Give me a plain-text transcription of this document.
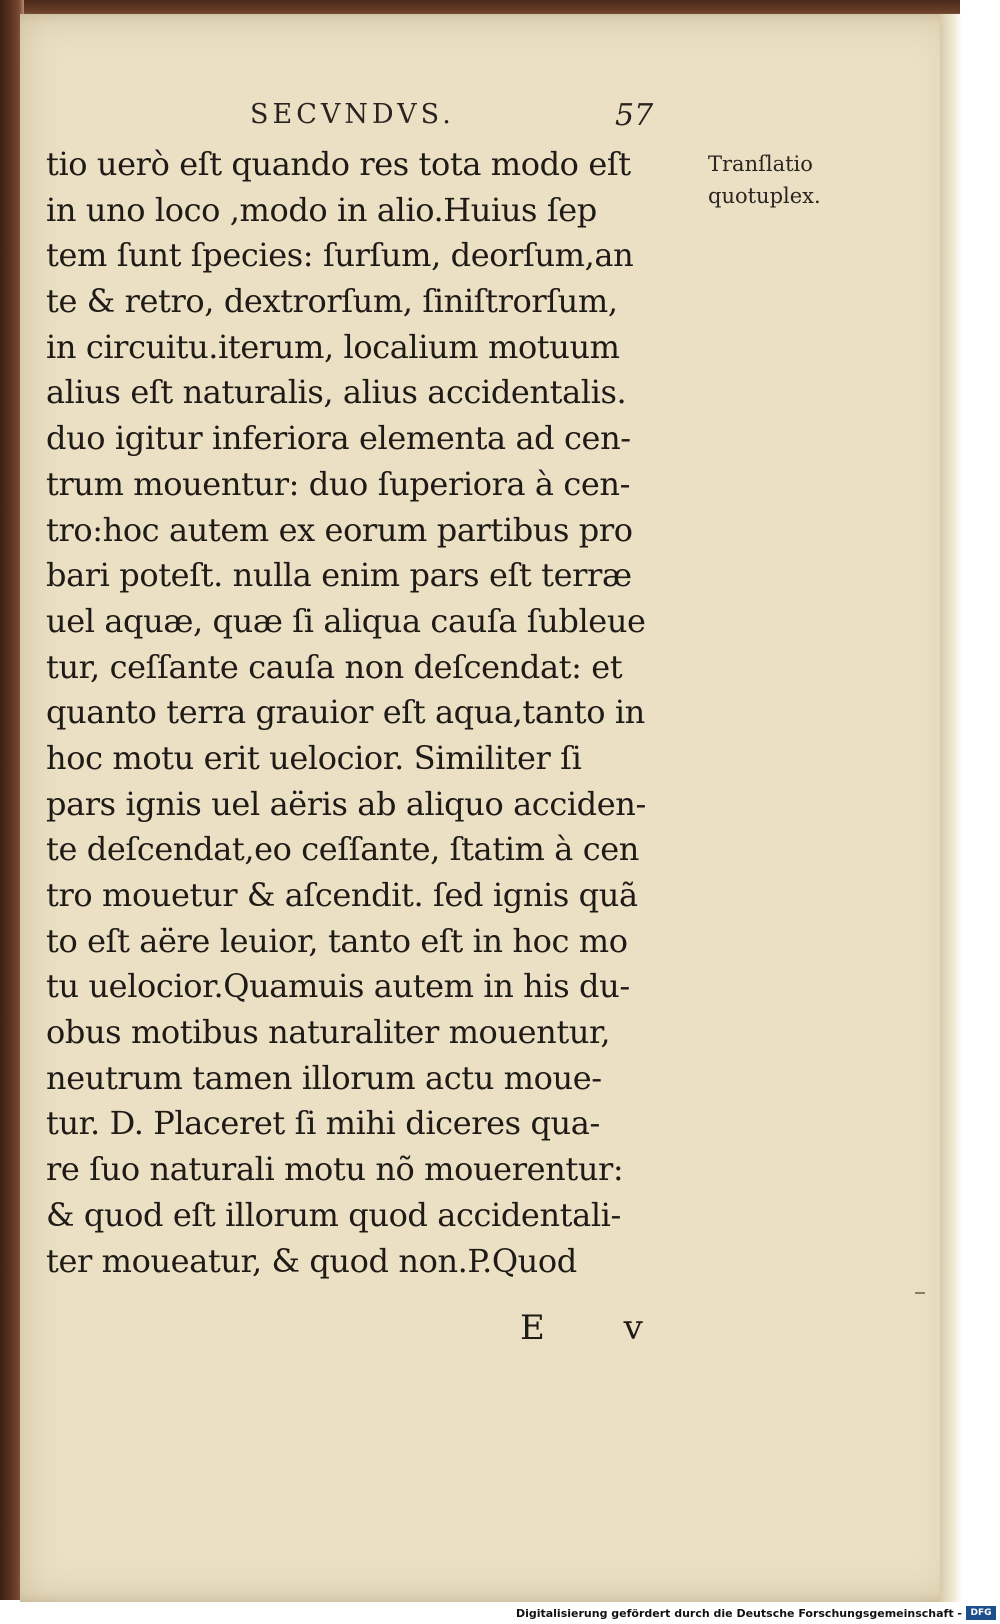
SECVNDVS.	57

tio uerò eſt quando res tota modo eſt
in uno loco ,modo in alio.Huius ſep
tem ſunt ſpecies: ſurſum, deorſum,an
te & retro, dextrorſum, ſiniſtrorſum,
in circuitu.iterum, localium motuum
alius eſt naturalis, alius accidentalis.
duo igitur inferiora elementa ad cen-
trum mouentur: duo ſuperiora à cen-
tro:hoc autem ex eorum partibus pro
bari poteſt. nulla enim pars eſt terræ
uel aquæ, quæ ſi aliqua cauſa ſubleue
tur, ceſſante cauſa non deſcendat: et
quanto terra grauior eſt aqua,tanto in
hoc motu erit uelocior. Similiter ſi
pars ignis uel aëris ab aliquo acciden-
te deſcendat,eo ceſſante, ſtatim à cen
tro mouetur & aſcendit. ſed ignis quã
to eſt aëre leuior, tanto eſt in hoc mo
tu uelocior.Quamuis autem in his du-
obus motibus naturaliter mouentur,
neutrum tamen illorum actu moue-
tur. D. Placeret ſi mihi diceres qua-
re ſuo naturali motu nõ mouerentur:
& quod eſt illorum quod accidentali-
ter moueatur, & quod non.P.Quod
Tranſlatio
quotuplex.

E v

Digitalisierung gefördert durch die Deutsche Forschungsgemeinschaft - DFG
